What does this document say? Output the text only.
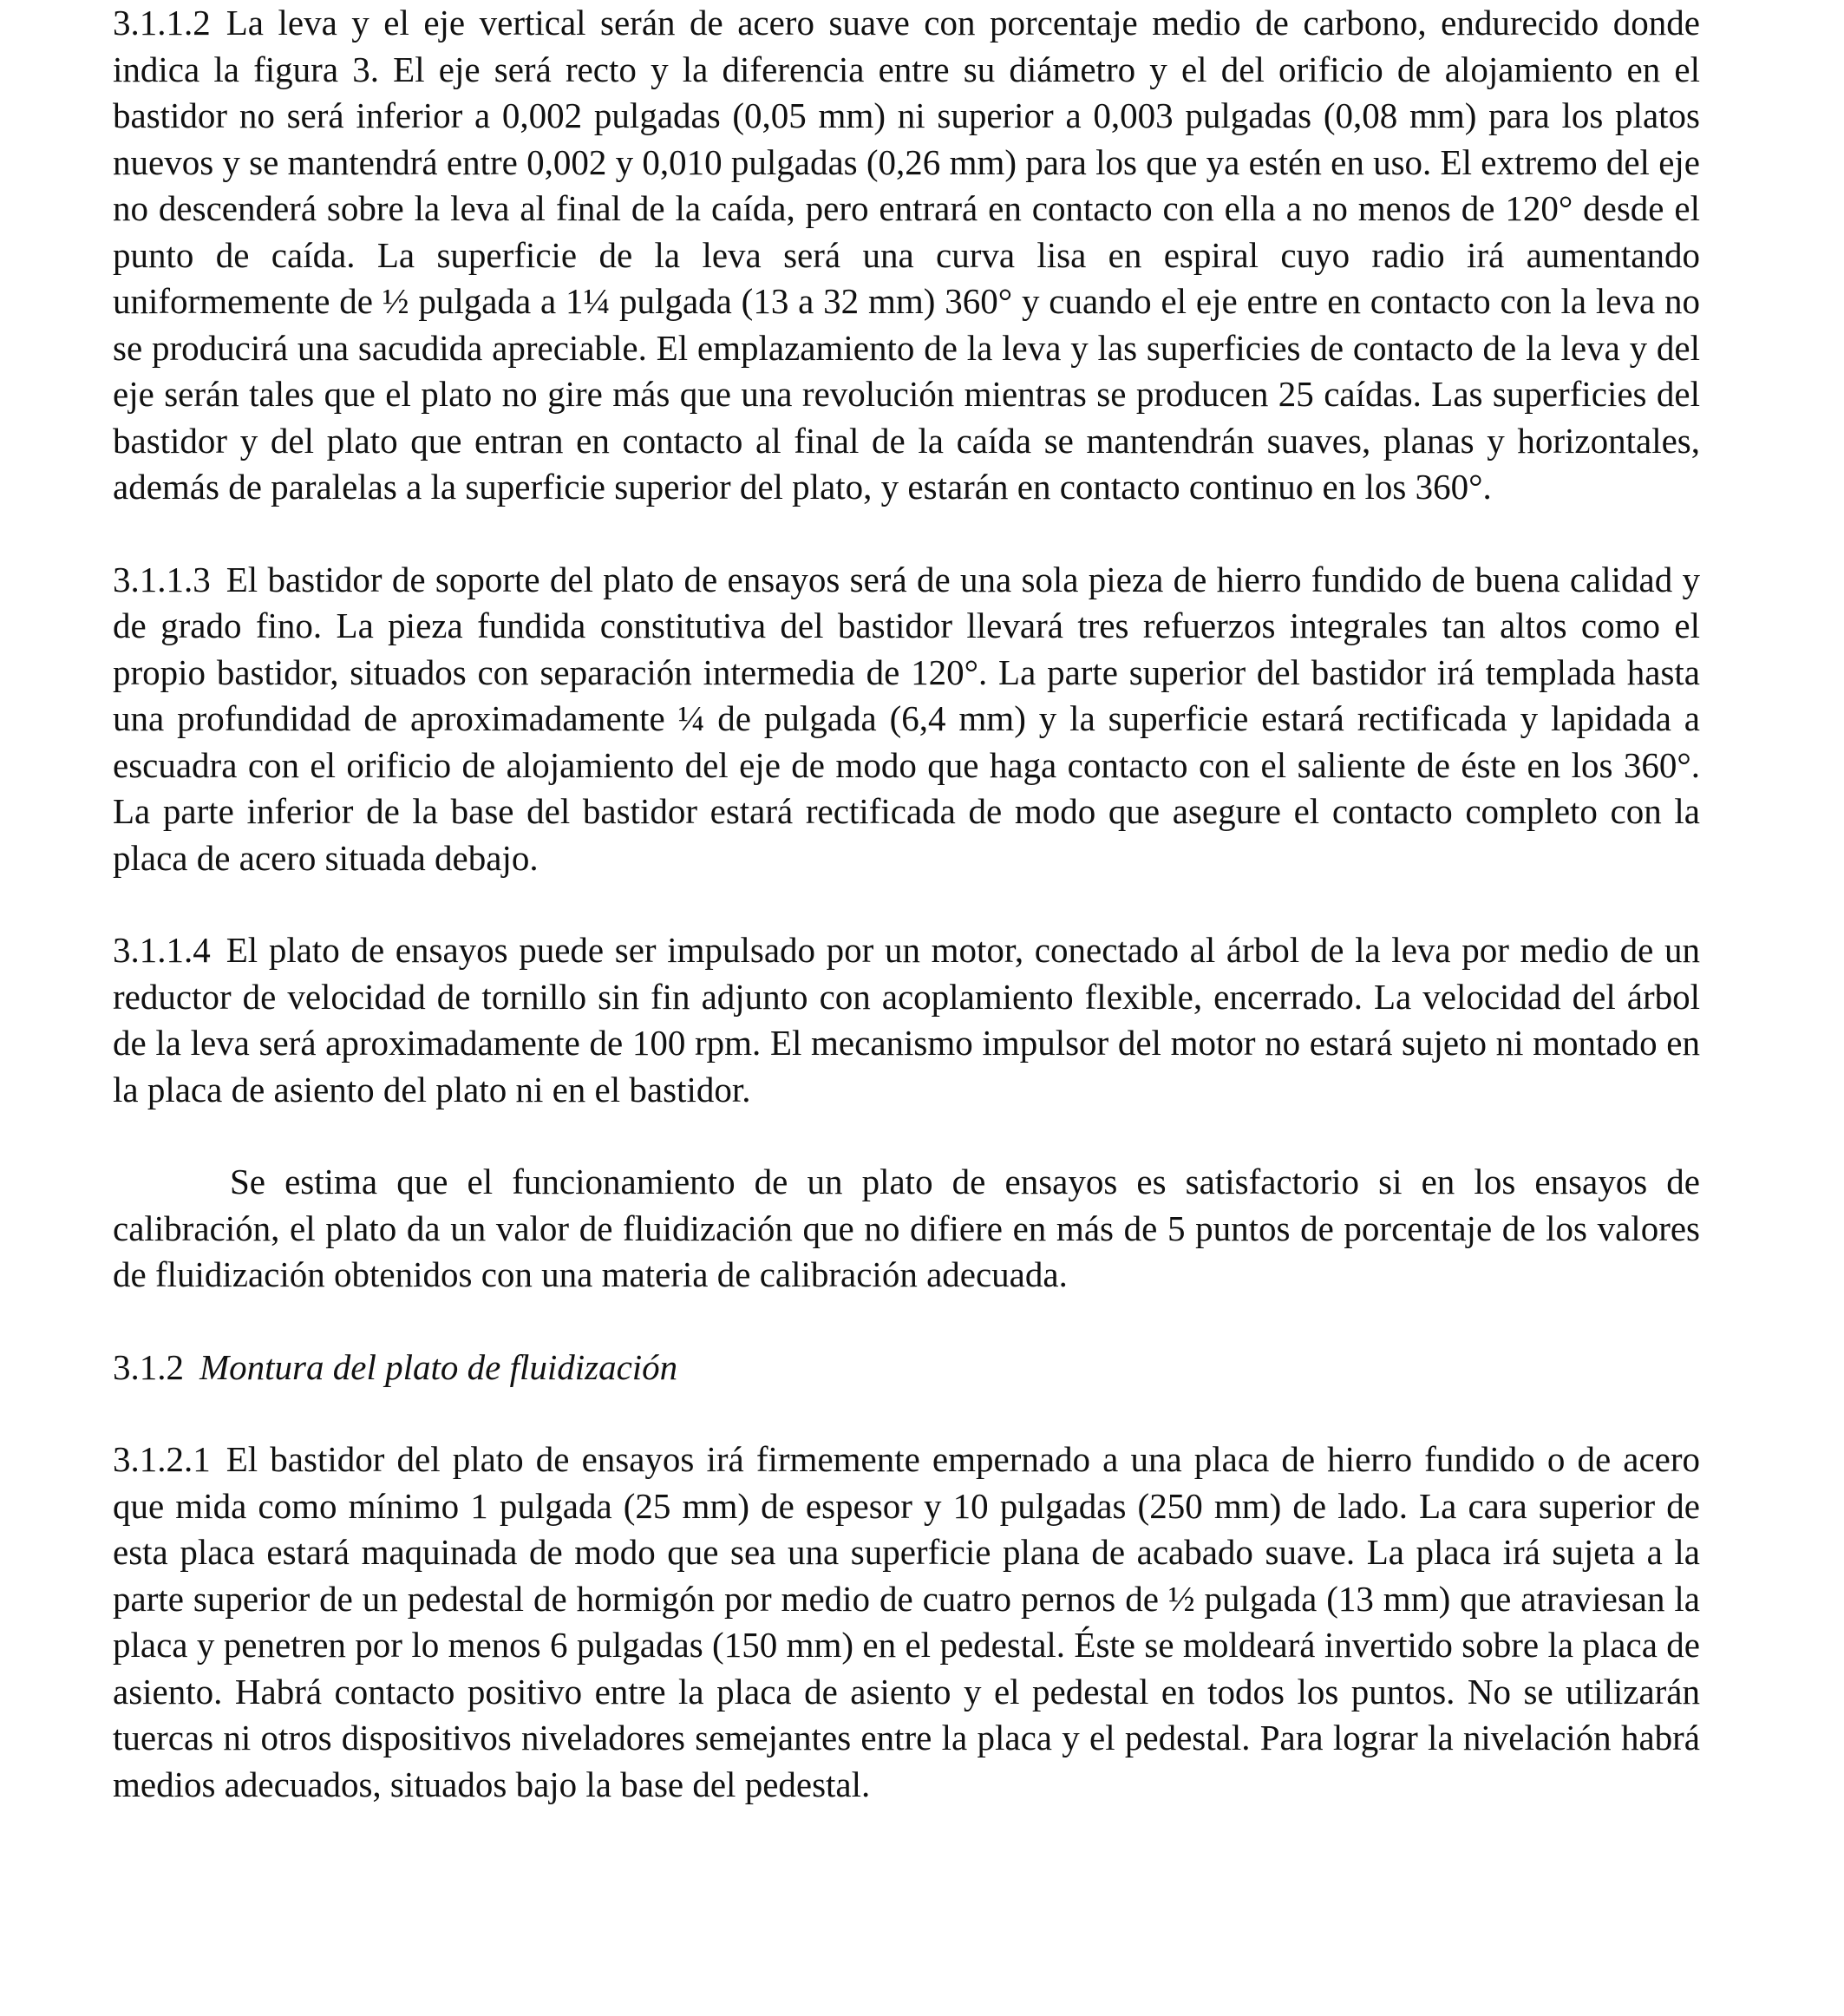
3.1.1.2 La leva y el eje vertical serán de acero suave con porcentaje medio de carbono, endurecido donde indica la figura 3. El eje será recto y la diferencia entre su diámetro y el del orificio de alojamiento en el bastidor no será inferior a 0,002 pulgadas (0,05 mm) ni superior a 0,003 pulgadas (0,08 mm) para los platos nuevos y se mantendrá entre 0,002 y 0,010 pulgadas (0,26 mm) para los que ya estén en uso. El extremo del eje no descenderá sobre la leva al final de la caída, pero entrará en contacto con ella a no menos de 120° desde el punto de caída. La superficie de la leva será una curva lisa en espiral cuyo radio irá aumentando uniformemente de ½ pulgada a 1¼ pulgada (13 a 32 mm) 360° y cuando el eje entre en contacto con la leva no se producirá una sacudida apreciable. El emplazamiento de la leva y las superficies de contacto de la leva y del eje serán tales que el plato no gire más que una revolución mientras se producen 25 caídas. Las superficies del bastidor y del plato que entran en contacto al final de la caída se mantendrán suaves, planas y horizontales, además de paralelas a la superficie superior del plato, y estarán en contacto continuo en los 360°.

3.1.1.3 El bastidor de soporte del plato de ensayos será de una sola pieza de hierro fundido de buena calidad y de grado fino. La pieza fundida constitutiva del bastidor llevará tres refuerzos integrales tan altos como el propio bastidor, situados con separación intermedia de 120°. La parte superior del bastidor irá templada hasta una profundidad de aproximadamente ¼ de pulgada (6,4 mm) y la superficie estará rectificada y lapidada a escuadra con el orificio de alojamiento del eje de modo que haga contacto con el saliente de éste en los 360°. La parte inferior de la base del bastidor estará rectificada de modo que asegure el contacto completo con la placa de acero situada debajo.

3.1.1.4 El plato de ensayos puede ser impulsado por un motor, conectado al árbol de la leva por medio de un reductor de velocidad de tornillo sin fin adjunto con acoplamiento flexible, encerrado. La velocidad del árbol de la leva será aproximadamente de 100 rpm. El mecanismo impulsor del motor no estará sujeto ni montado en la placa de asiento del plato ni en el bastidor.

Se estima que el funcionamiento de un plato de ensayos es satisfactorio si en los ensayos de calibración, el plato da un valor de fluidización que no difiere en más de 5 puntos de porcentaje de los valores de fluidización obtenidos con una materia de calibración adecuada.

3.1.2 Montura del plato de fluidización

3.1.2.1 El bastidor del plato de ensayos irá firmemente empernado a una placa de hierro fundido o de acero que mida como mínimo 1 pulgada (25 mm) de espesor y 10 pulgadas (250 mm) de lado. La cara superior de esta placa estará maquinada de modo que sea una superficie plana de acabado suave. La placa irá sujeta a la parte superior de un pedestal de hormigón por medio de cuatro pernos de ½ pulgada (13 mm) que atraviesan la placa y penetren por lo menos 6 pulgadas (150 mm) en el pedestal. Éste se moldeará invertido sobre la placa de asiento. Habrá contacto positivo entre la placa de asiento y el pedestal en todos los puntos. No se utilizarán tuercas ni otros dispositivos niveladores semejantes entre la placa y el pedestal. Para lograr la nivelación habrá medios adecuados, situados bajo la base del pedestal.
